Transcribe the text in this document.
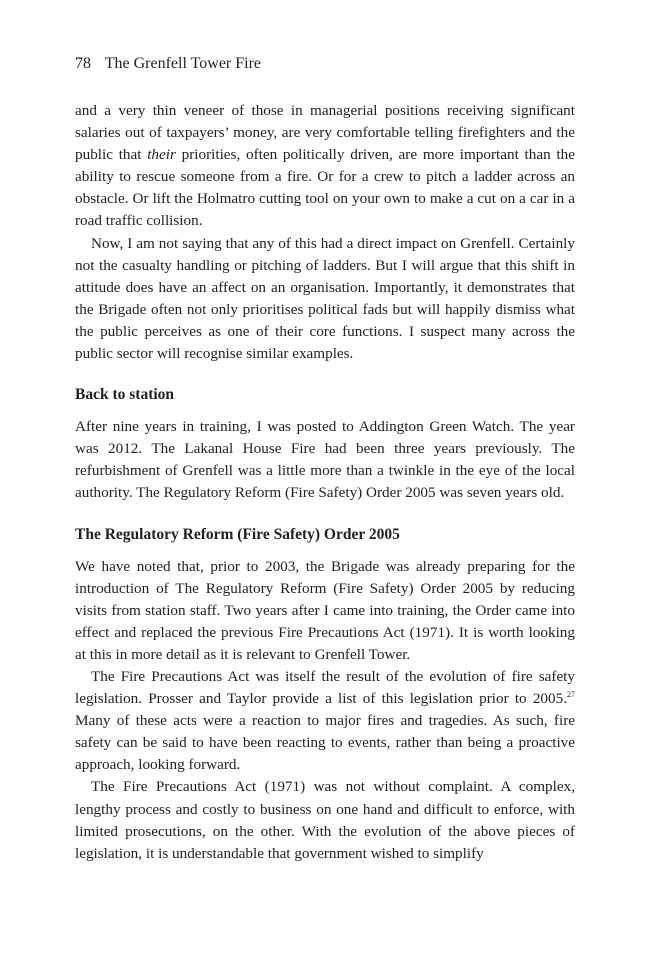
78 The Grenfell Tower Fire

and a very thin veneer of those in managerial positions receiving significant salaries out of taxpayers’ money, are very comfortable telling firefighters and the public that their priorities, often politically driven, are more important than the ability to rescue someone from a fire. Or for a crew to pitch a ladder across an obstacle. Or lift the Holmatro cutting tool on your own to make a cut on a car in a road traffic collision.

Now, I am not saying that any of this had a direct impact on Grenfell. Certainly not the casualty handling or pitching of ladders. But I will argue that this shift in attitude does have an affect on an organisation. Importantly, it demonstrates that the Brigade often not only prioritises political fads but will happily dismiss what the public perceives as one of their core functions. I suspect many across the public sector will recognise similar examples.

Back to station

After nine years in training, I was posted to Addington Green Watch. The year was 2012. The Lakanal House Fire had been three years previously. The refurbishment of Grenfell was a little more than a twinkle in the eye of the local authority. The Regulatory Reform (Fire Safety) Order 2005 was seven years old.

The Regulatory Reform (Fire Safety) Order 2005

We have noted that, prior to 2003, the Brigade was already preparing for the introduction of The Regulatory Reform (Fire Safety) Order 2005 by reducing visits from station staff. Two years after I came into training, the Order came into effect and replaced the previous Fire Precautions Act (1971). It is worth looking at this in more detail as it is relevant to Grenfell Tower.

The Fire Precautions Act was itself the result of the evolution of fire safety legislation. Prosser and Taylor provide a list of this legislation prior to 2005.27 Many of these acts were a reaction to major fires and tragedies. As such, fire safety can be said to have been reacting to events, rather than being a proactive approach, looking forward.

The Fire Precautions Act (1971) was not without complaint. A complex, lengthy process and costly to business on one hand and difficult to enforce, with limited prosecutions, on the other. With the evolution of the above pieces of legislation, it is understandable that government wished to simplify
